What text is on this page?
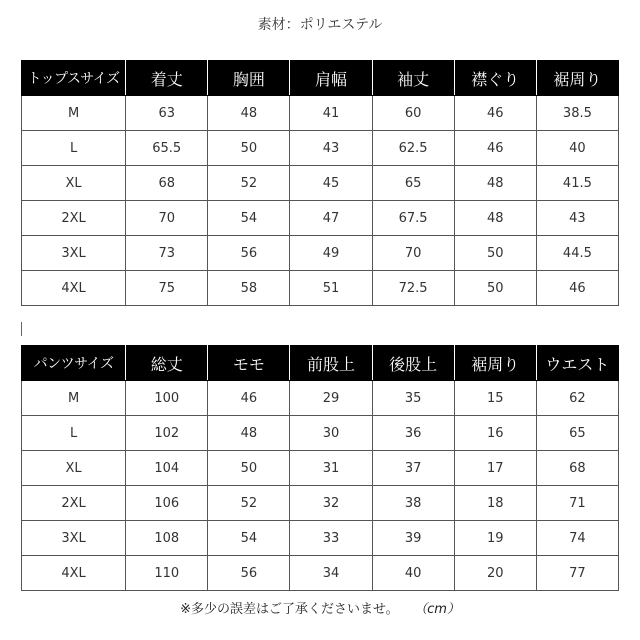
素材：ポリエステル
トップスサイズ	着丈	胸囲	肩幅	袖丈	襟ぐり	裾周り
M	63	48	41	60	46	38.5
L	65.5	50	43	62.5	46	40
XL	68	52	45	65	48	41.5
2XL	70	54	47	67.5	48	43
3XL	73	56	49	70	50	44.5
4XL	75	58	51	72.5	50	46
パンツサイズ	総丈	モモ	前股上	後股上	裾周り	ウエスト
M	100	46	29	35	15	62
L	102	48	30	36	16	65
XL	104	50	31	37	17	68
2XL	106	52	32	38	18	71
3XL	108	54	33	39	19	74
4XL	110	56	34	40	20	77
※多少の誤差はご了承くださいませ。 （cm）
